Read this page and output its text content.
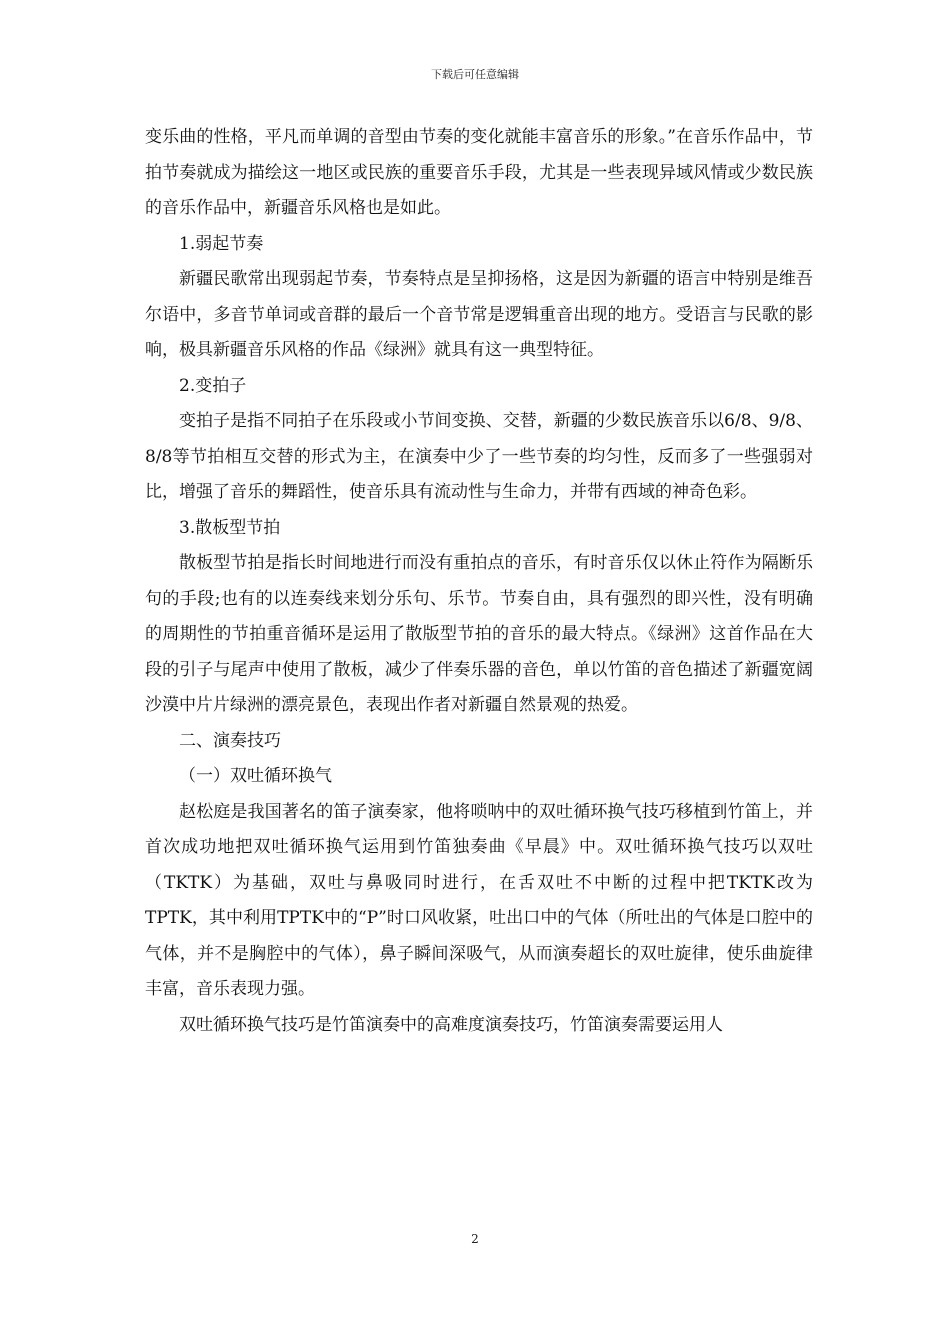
下载后可任意编辑

变乐曲的性格，平凡而单调的音型由节奏的变化就能丰富音乐的形象。”在音乐作品中，节拍节奏就成为描绘这一地区或民族的重要音乐手段，尤其是一些表现异域风情或少数民族的音乐作品中，新疆音乐风格也是如此。

1.弱起节奏

新疆民歌常出现弱起节奏，节奏特点是呈抑扬格，这是因为新疆的语言中特别是维吾尔语中，多音节单词或音群的最后一个音节常是逻辑重音出现的地方。受语言与民歌的影响，极具新疆音乐风格的作品《绿洲》就具有这一典型特征。

2.变拍子

变拍子是指不同拍子在乐段或小节间变换、交替，新疆的少数民族音乐以6/8、9/8、8/8等节拍相互交替的形式为主，在演奏中少了一些节奏的均匀性，反而多了一些强弱对比，增强了音乐的舞蹈性，使音乐具有流动性与生命力，并带有西域的神奇色彩。

3.散板型节拍

散板型节拍是指长时间地进行而没有重拍点的音乐，有时音乐仅以休止符作为隔断乐句的手段;也有的以连奏线来划分乐句、乐节。节奏自由，具有强烈的即兴性，没有明确的周期性的节拍重音循环是运用了散版型节拍的音乐的最大特点。《绿洲》这首作品在大段的引子与尾声中使用了散板，减少了伴奏乐器的音色，单以竹笛的音色描述了新疆宽阔沙漠中片片绿洲的漂亮景色，表现出作者对新疆自然景观的热爱。

二、演奏技巧

（一）双吐循环换气

赵松庭是我国著名的笛子演奏家，他将唢呐中的双吐循环换气技巧移植到竹笛上，并首次成功地把双吐循环换气运用到竹笛独奏曲《早晨》中。双吐循环换气技巧以双吐（TKTK）为基础，双吐与鼻吸同时进行，在舌双吐不中断的过程中把TKTK改为TPTK，其中利用TPTK中的“P”时口风收紧，吐出口中的气体（所吐出的气体是口腔中的气体，并不是胸腔中的气体），鼻子瞬间深吸气，从而演奏超长的双吐旋律，使乐曲旋律丰富，音乐表现力强。

双吐循环换气技巧是竹笛演奏中的高难度演奏技巧，竹笛演奏需要运用人

2
